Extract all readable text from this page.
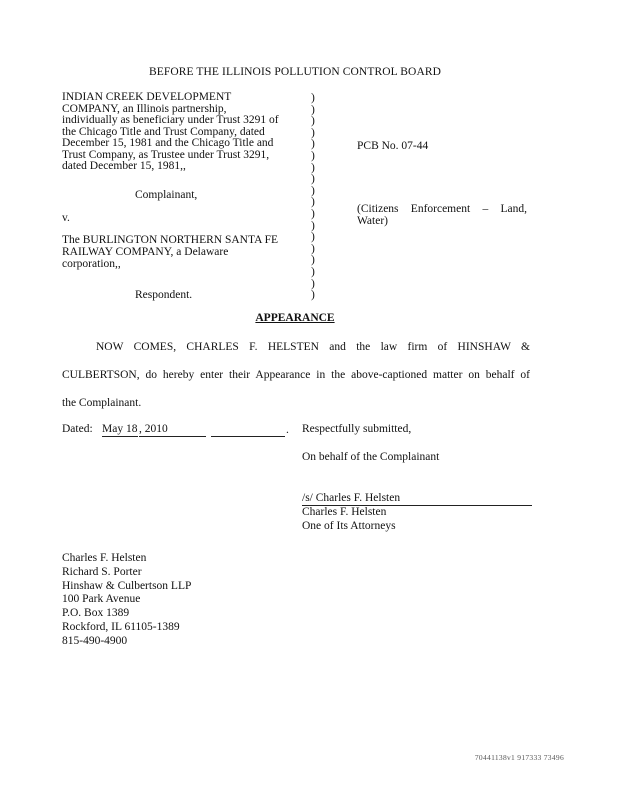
BEFORE THE ILLINOIS POLLUTION CONTROL BOARD
INDIAN CREEK DEVELOPMENT
COMPANY, an Illinois partnership,
individually as beneficiary under Trust 3291 of
the Chicago Title and Trust Company, dated
December 15, 1981 and the Chicago Title and
Trust Company, as Trustee under Trust 3291,
dated December 15, 1981,,
Complainant,
v.
The BURLINGTON NORTHERN SANTA FE
RAILWAY COMPANY, a Delaware
corporation,,
Respondent.
)
)
)
)
)
)
)
)
)
)
)
)
)
)
)
)
)
)
PCB No. 07-44
(Citizens Enforcement – Land,
Water)
APPEARANCE
NOW COMES, CHARLES F. HELSTEN and the law firm of HINSHAW &
CULBERTSON, do hereby enter their Appearance in the above-captioned matter on behalf of
the Complainant.
Dated: May 18 , 2010	. Respectfully submitted,
On behalf of the Complainant
/s/ Charles F. Helsten
Charles F. Helsten
One of Its Attorneys
Charles F. Helsten
Richard S. Porter
Hinshaw & Culbertson LLP
100 Park Avenue
P.O. Box 1389
Rockford, IL 61105-1389
815-490-4900
70441138v1 917333 73496
